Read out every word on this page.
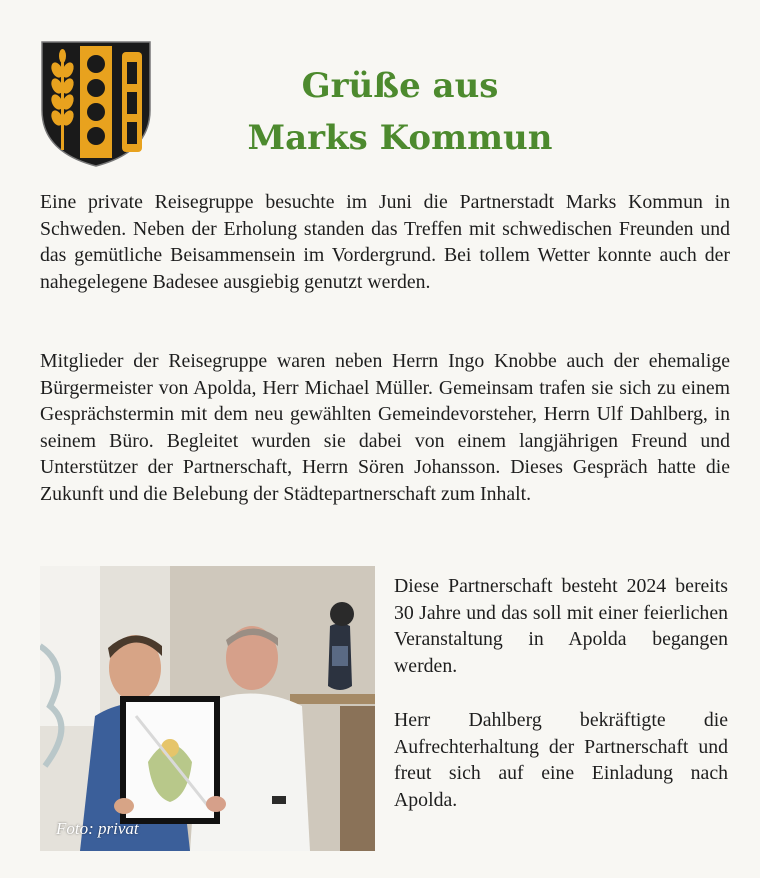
Grüße aus
Marks Kommun

Eine private Reisegruppe besuchte im Juni die Partnerstadt Marks Kommun in Schweden. Neben der Erholung standen das Treffen mit schwedischen Freunden und das gemütliche Beisammensein im Vordergrund. Bei tollem Wetter konnte auch der nahegelegene Badesee ausgiebig genutzt werden.

Mitglieder der Reisegruppe waren neben Herrn Ingo Knobbe auch der ehemalige Bürgermeister von Apolda, Herr Michael Müller. Gemeinsam trafen sie sich zu einem Gesprächstermin mit dem neu gewählten Gemeindevorsteher, Herrn Ulf Dahlberg, in seinem Büro. Begleitet wurden sie dabei von einem langjährigen Freund und Unterstützer der Partnerschaft, Herrn Sören Johansson. Dieses Gespräch hatte die Zukunft und die Belebung der Städtepartnerschaft zum Inhalt.

Foto: privat

Diese Partnerschaft besteht 2024 bereits 30 Jahre und das soll mit einer feierlichen Veranstaltung in Apolda begangen werden.

Herr Dahlberg bekräftigte die Aufrechterhaltung der Partnerschaft und freut sich auf eine Einladung nach Apolda.
